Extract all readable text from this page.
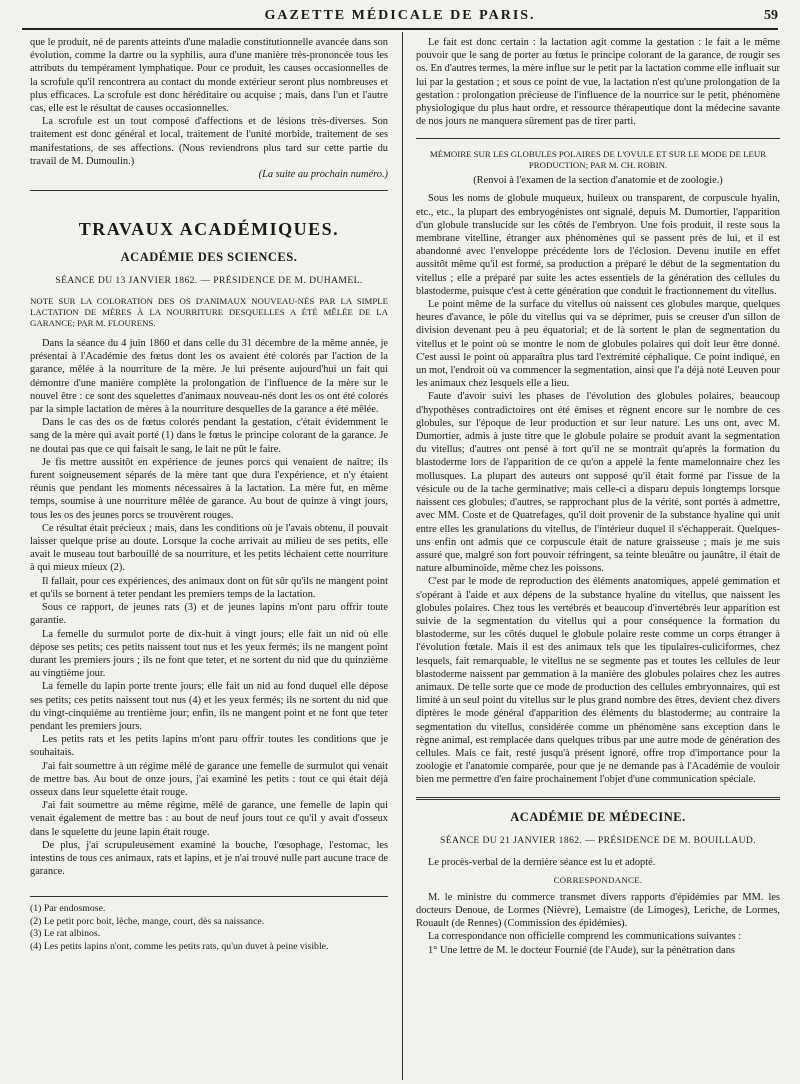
GAZETTE MÉDICALE DE PARIS.	59

que le produit, né de parents atteints d'une maladie constitutionnelle avancée dans son évolution, comme la dartre ou la syphilis, aura d'une manière très-prononcée tous les attributs du tempérament lymphatique. Pour ce produit, les causes occasionnelles de la scrofule qu'il rencontrera au contact du monde extérieur seront plus nombreuses et plus efficaces. La scrofule est donc héréditaire ou acquise ; mais, dans l'un et l'autre cas, elle est le résultat de causes occasionnelles.

La scrofule est un tout composé d'affections et de lésions très-diverses. Son traitement est donc général et local, traitement de l'unité morbide, traitement de ses manifestations, de ses affections. (Nous reviendrons plus tard sur cette partie du travail de M. Dumoulin.)

(La suite au prochain numéro.)
TRAVAUX ACADÉMIQUES.
ACADÉMIE DES SCIENCES.
SÉANCE DU 13 JANVIER 1862. — PRÉSIDENCE DE M. DUHAMEL.
NOTE SUR LA COLORATION DES OS D'ANIMAUX NOUVEAU-NÉS PAR LA SIMPLE LACTATION DE MÈRES À LA NOURRITURE DESQUELLES A ÉTÉ MÊLÉE DE LA GARANCE; PAR M. FLOURENS.

Dans la séance du 4 juin 1860 et dans celle du 31 décembre de la même année, je présentai à l'Académie des fœtus dont les os avaient été colorés par l'action de la garance, mêlée à la nourriture de la mère. Je lui présente aujourd'hui un fait qui démontre d'une manière complète la prolongation de l'influence de la mère sur le nouvel être : ce sont des squelettes d'animaux nouveau-nés dont les os ont été colorés par la simple lactation de mères à la nourriture desquelles de la garance a été mêlée.

Dans le cas des os de fœtus colorés pendant la gestation, c'était évidemment le sang de la mère qui avait porté (1) dans le fœtus le principe colorant de la garance. Je ne doutai pas que ce qui faisait le sang, le lait ne pût le faire.

Je fis mettre aussitôt en expérience de jeunes porcs qui venaient de naître; ils furent soigneusement séparés de la mère tant que dura l'expérience, et n'y étaient réunis que pendant les moments nécessaires à la lactation. La mère fut, en même temps, soumise à une nourriture mêlée de garance. Au bout de quinze à vingt jours, tous les os des jeunes porcs se trouvèrent rouges.

Ce résultat était précieux ; mais, dans les conditions où je l'avais obtenu, il pouvait laisser quelque prise au doute. Lorsque la coche arrivait au milieu de ses petits, elle avait le museau tout barbouillé de sa nourriture, et les petits léchaient cette nourriture à qui mieux mieux (2).

Il fallait, pour ces expériences, des animaux dont on fût sûr qu'ils ne mangent point et qu'ils se bornent à teter pendant les premiers temps de la lactation.

Sous ce rapport, de jeunes rats (3) et de jeunes lapins m'ont paru offrir toute garantie.

La femelle du surmulot porte de dix-huit à vingt jours; elle fait un nid où elle dépose ses petits; ces petits naissent tout nus et les yeux fermés; ils ne mangent point durant les premiers jours ; ils ne font que teter, et ne sortent du nid que du quinzième au vingtième jour.

La femelle du lapin porte trente jours; elle fait un nid au fond duquel elle dépose ses petits; ces petits naissent tout nus (4) et les yeux fermés; ils ne sortent du nid que du vingt-cinquième au trentième jour; enfin, ils ne mangent point et ne font que teter pendant les premiers jours.

Les petits rats et les petits lapins m'ont paru offrir toutes les conditions que je souhaitais.

J'ai fait soumettre à un régime mêlé de garance une femelle de surmulot qui venait de mettre bas. Au bout de onze jours, j'ai examiné les petits : tout ce qui était déjà osseux dans leur squelette était rouge.

J'ai fait soumettre au même régime, mêlé de garance, une femelle de lapin qui venait également de mettre bas : au bout de neuf jours tout ce qu'il y avait d'osseux dans le squelette du jeune lapin était rouge.

De plus, j'ai scrupuleusement examiné la bouche, l'œsophage, l'estomac, les intestins de tous ces animaux, rats et lapins, et je n'ai trouvé nulle part aucune trace de garance.

(1) Par endosmose.
(2) Le petit porc boit, lèche, mange, court, dès sa naissance.
(3) Le rat albinos.
(4) Les petits lapins n'ont, comme les petits rats, qu'un duvet à peine visible.

Le fait est donc certain : la lactation agit comme la gestation : le fait a le même pouvoir que le sang de porter au fœtus le principe colorant de la garance, de rougir ses os. En d'autres termes, la mère influe sur le petit par la lactation comme elle influait sur lui par la gestation ; et sous ce point de vue, la lactation n'est qu'une prolongation de la gestation : prolongation précieuse de l'influence de la nourrice sur le petit, phénomène physiologique du plus haut ordre, et ressource thérapeutique dont la médecine savante de nos jours ne manquera sûrement pas de tirer parti.

MÉMOIRE SUR LES GLOBULES POLAIRES DE L'OVULE ET SUR LE MODE DE LEUR PRODUCTION; PAR M. CH. ROBIN.
(Renvoi à l'examen de la section d'anatomie et de zoologie.)

Sous les noms de globule muqueux, huileux ou transparent, de corpuscule hyalin, etc., etc., la plupart des embryogénistes ont signalé, depuis M. Dumortier, l'apparition d'un globule translucide sur les côtés de l'embryon. Une fois produit, il reste sous la membrane vitelline, étranger aux phénomènes qui se passent près de lui, et il est abandonné avec l'enveloppe précédente lors de l'éclosion. Devenu inutile en effet aussitôt même qu'il est formé, sa production a préparé le début de la segmentation du vitellus ; elle a préparé par suite les actes essentiels de la génération des cellules du blastoderme, puisque c'est à cette génération que conduit le fractionnement du vitellus.

Le point même de la surface du vitellus où naissent ces globules marque, quelques heures d'avance, le pôle du vitellus qui va se déprimer, puis se creuser d'un sillon de division devenant peu à peu équatorial; et de là sortent le plan de segmentation du vitellus et le point où se montre le nom de globules polaires qui doit leur être donné. C'est aussi le point où apparaîtra plus tard l'extrémité céphalique. Ce point indiqué, en un mot, l'endroit où va commencer la segmentation, ainsi que l'a déjà noté Leuven pour les animaux chez lesquels elle a lieu.

Faute d'avoir suivi les phases de l'évolution des globules polaires, beaucoup d'hypothèses contradictoires ont été émises et règnent encore sur le nombre de ces globules, sur l'époque de leur production et sur leur nature. Les uns ont, avec M. Dumortier, admis à juste titre que le globule polaire se produit avant la segmentation du vitellus; d'autres ont pensé à tort qu'il ne se montrait qu'après la formation du blastoderme lors de l'apparition de ce qu'on a appelé la fente mamelonnaire chez les mollusques. La plupart des auteurs ont supposé qu'il était formé par l'issue de la vésicule ou de la tache germinative; mais celle-ci a disparu depuis longtemps lorsque naissent ces globules; d'autres, se rapprochant plus de la vérité, sont portés à admettre, avec MM. Coste et de Quatrefages, qu'il doit provenir de la substance hyaline qui unit entre elles les granulations du vitellus, de l'intérieur duquel il s'échapperait. Quelques-uns enfin ont admis que ce corpuscule était de nature graisseuse ; mais je me suis assuré que, malgré son fort pouvoir réfringent, sa teinte bleuâtre ou jaunâtre, il était de nature albuminoïde, même chez les poissons.

C'est par le mode de reproduction des éléments anatomiques, appelé gemmation et s'opérant à l'aide et aux dépens de la substance hyaline du vitellus, que naissent les globules polaires. Chez tous les vertébrés et beaucoup d'invertébrés leur apparition est suivie de la segmentation du vitellus qui a pour conséquence la formation du blastoderme, sur les côtés duquel le globule polaire reste comme un corps étranger à l'évolution fœtale. Mais il est des animaux tels que les tipulaires-culiciformes, chez lesquels, fait remarquable, le vitellus ne se segmente pas et toutes les cellules de leur blastoderme naissent par gemmation à la manière des globules polaires chez les autres animaux. De telle sorte que ce mode de production des cellules embryonnaires, qui est limité à un seul point du vitellus sur le plus grand nombre des êtres, devient chez divers diptères le mode général d'apparition des éléments du blastoderme; au contraire la segmentation du vitellus, considérée comme un phénomène sans exception dans le règne animal, est remplacée dans quelques tribus par une autre mode de génération des cellules. Mais ce fait, resté jusqu'à présent ignoré, offre trop d'importance pour la zoologie et l'anatomie comparée, pour que je ne demande pas à l'Académie de vouloir bien me permettre d'en faire prochainement l'objet d'une communication spéciale.

ACADÉMIE DE MÉDECINE.
SÉANCE DU 21 JANVIER 1862. — PRÉSIDENCE DE M. BOUILLAUD.

Le procès-verbal de la dernière séance est lu et adopté.

CORRESPONDANCE.

M. le ministre du commerce transmet divers rapports d'épidémies par MM. les docteurs Denoue, de Lormes (Nièvre), Lemaistre (de Limoges), Leriche, de Lormes, Rouault (de Rennes) (Commission des épidémies).

La correspondance non officielle comprend les communications suivantes :

1° Une lettre de M. le docteur Fournié (de l'Aude), sur la pénétration dans
